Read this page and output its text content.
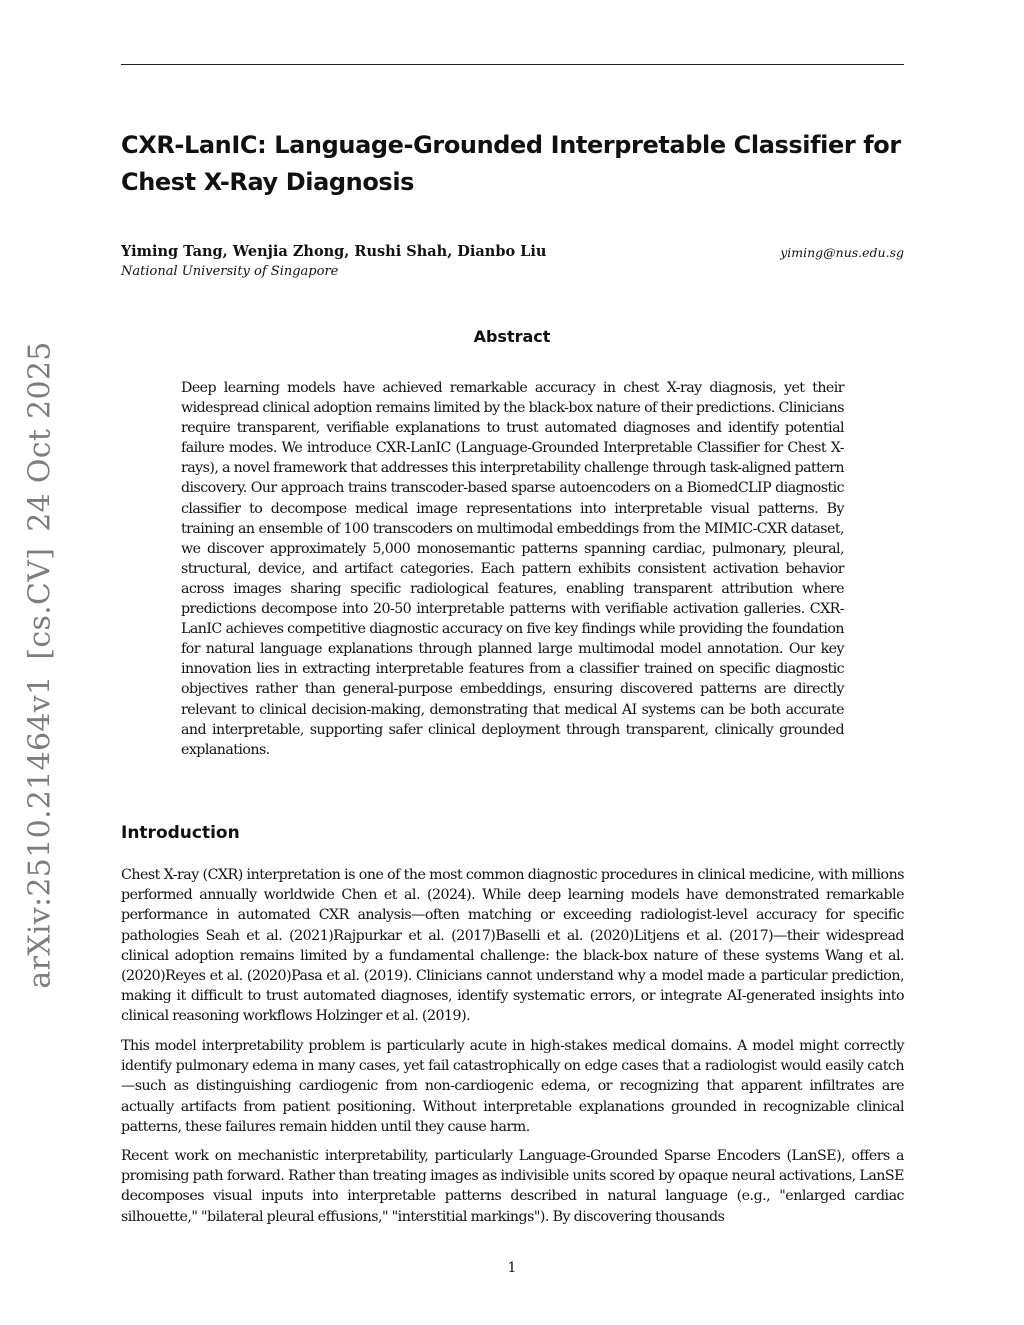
arXiv:2510.21464v1[cs.CV]24 Oct 2025
CXR-LanIC: Language-Grounded Interpretable Classifier for Chest X-Ray Diagnosis
Yiming Tang, Wenjia Zhong, Rushi Shah, Dianbo Liu
National University of Singapore
yiming@nus.edu.sg
Abstract

Deep learning models have achieved remarkable accuracy in chest X-ray diagnosis, yet their widespread clinical adoption remains limited by the black-box nature of their predictions. Clinicians require transparent, verifiable explanations to trust automated diagnoses and identify potential failure modes. We introduce CXR-LanIC (Language-Grounded Interpretable Classifier for Chest X-rays), a novel framework that addresses this interpretability challenge through task-aligned pattern discovery. Our approach trains transcoder-based sparse autoencoders on a BiomedCLIP diagnostic classifier to decompose medical image representations into interpretable visual patterns. By training an ensemble of 100 transcoders on multimodal embeddings from the MIMIC-CXR dataset, we discover approximately 5,000 monosemantic patterns spanning cardiac, pulmonary, pleural, structural, device, and artifact categories. Each pattern exhibits consistent activation behavior across images sharing specific radiological features, enabling transparent attribution where predictions decompose into 20-50 interpretable patterns with verifiable activation galleries. CXR-LanIC achieves competitive diagnostic accuracy on five key findings while providing the foundation for natural language explanations through planned large multimodal model annotation. Our key innovation lies in extracting interpretable features from a classifier trained on specific diagnostic objectives rather than general-purpose embeddings, ensuring discovered patterns are directly relevant to clinical decision-making, demonstrating that medical AI systems can be both accurate and interpretable, supporting safer clinical deployment through transparent, clinically grounded explanations.

Introduction

Chest X-ray (CXR) interpretation is one of the most common diagnostic procedures in clinical medicine, with millions performed annually worldwide Chen et al. (2024). While deep learning models have demonstrated remarkable performance in automated CXR analysis—often matching or exceeding radiologist-level accuracy for specific pathologies Seah et al. (2021)Rajpurkar et al. (2017)Baselli et al. (2020)Litjens et al. (2017)—their widespread clinical adoption remains limited by a fundamental challenge: the black-box nature of these systems Wang et al. (2020)Reyes et al. (2020)Pasa et al. (2019). Clinicians cannot understand why a model made a particular prediction, making it difficult to trust automated diagnoses, identify systematic errors, or integrate AI-generated insights into clinical reasoning workflows Holzinger et al. (2019).

This model interpretability problem is particularly acute in high-stakes medical domains. A model might correctly identify pulmonary edema in many cases, yet fail catastrophically on edge cases that a radiologist would easily catch—such as distinguishing cardiogenic from non-cardiogenic edema, or recognizing that apparent infiltrates are actually artifacts from patient positioning. Without interpretable explanations grounded in recognizable clinical patterns, these failures remain hidden until they cause harm.

Recent work on mechanistic interpretability, particularly Language-Grounded Sparse Encoders (LanSE), offers a promising path forward. Rather than treating images as indivisible units scored by opaque neural activations, LanSE decomposes visual inputs into interpretable patterns described in natural language (e.g., "enlarged cardiac silhouette," "bilateral pleural effusions," "interstitial markings"). By discovering thousands

1
